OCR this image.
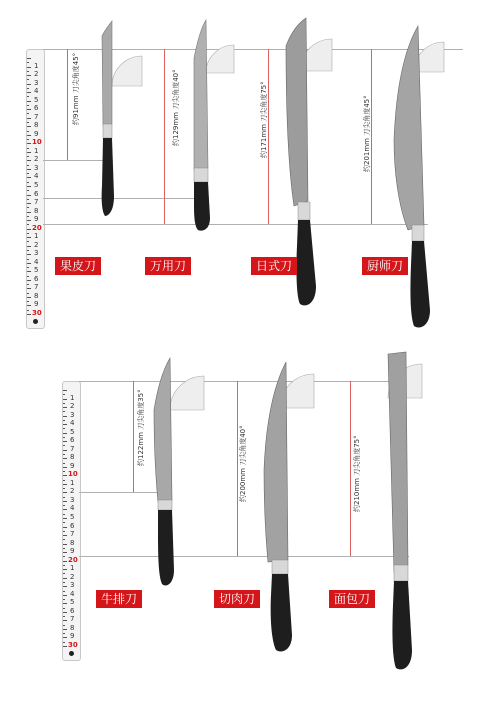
1
2
3
4
5
6
7
8
9
10
1
2
3
4
5
6
7
8
9
20
1
2
3
4
5
6
7
8
9
30
1
2
3
4
5
6
7
8
9
10
1
2
3
4
5
6
7
8
9
20
1
2
3
4
5
6
7
8
9
30
约91mm 刀尖角度45°	约129mm 刀尖角度40°	约171mm 刀尖角度75°	约201mm 刀尖角度45°
约122mm 刀尖角度35°	约200mm 刀尖角度40°	约210mm 刀尖角度75°
果皮刀	万用刀	日式刀	厨师刀
牛排刀	切肉刀	面包刀
